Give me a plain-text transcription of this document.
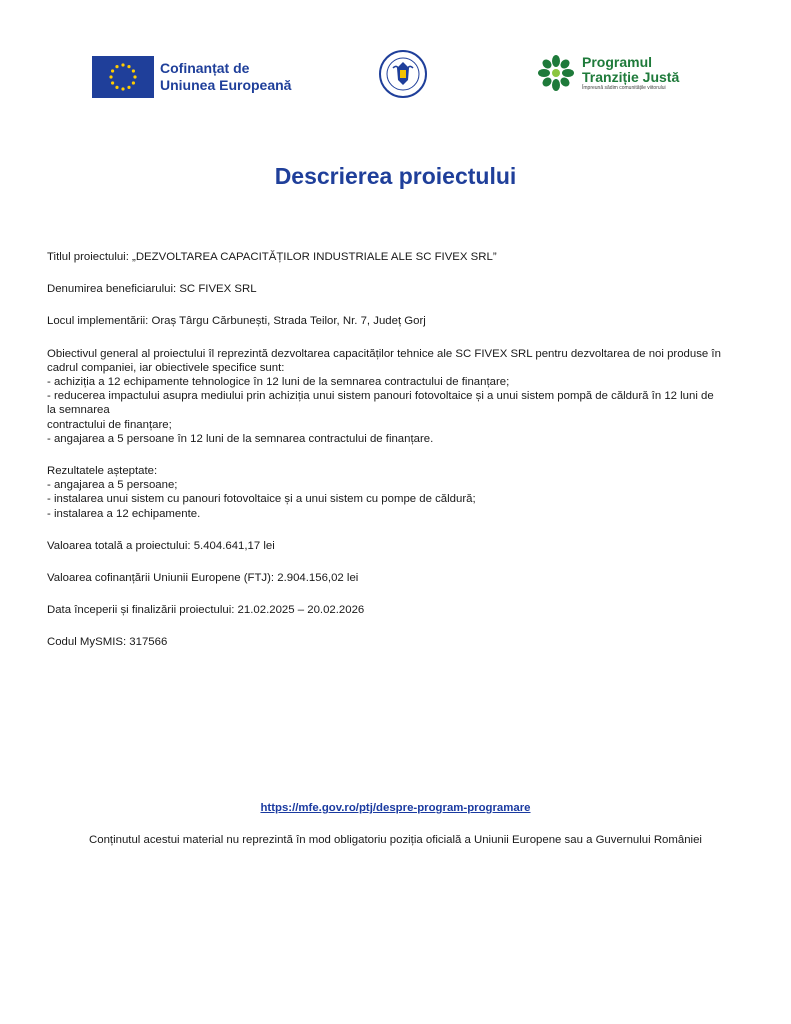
Cofinanțat de
Uniunea Europeană
Programul
Tranziție Justă
Împreună sădim comunitățile viitorului
Descrierea proiectului

Titlul proiectului: „DEZVOLTAREA CAPACITĂȚILOR INDUSTRIALE ALE SC FIVEX SRL”

Denumirea beneficiarului: SC FIVEX SRL

Locul implementării: Oraș Târgu Cărbunești, Strada Teilor, Nr. 7, Județ Gorj

Obiectivul general al proiectului îl reprezintă dezvoltarea capacităților tehnice ale SC FIVEX SRL pentru dezvoltarea de noi produse în
cadrul companiei, iar obiectivele specifice sunt:
- achiziția a 12 echipamente tehnologice în 12 luni de la semnarea contractului de finanțare;
- reducerea impactului asupra mediului prin achiziția unui sistem panouri fotovoltaice și a unui sistem pompă de căldură în 12 luni de
la semnarea
contractului de finanțare;
- angajarea a 5 persoane în 12 luni de la semnarea contractului de finanțare.
Rezultatele așteptate:
- angajarea a 5 persoane;
- instalarea unui sistem cu panouri fotovoltaice și a unui sistem cu pompe de căldură;
- instalarea a 12 echipamente.

Valoarea totală a proiectului: 5.404.641,17 lei

Valoarea cofinanțării Uniunii Europene (FTJ): 2.904.156,02 lei

Data începerii și finalizării proiectului: 21.02.2025 – 20.02.2026

Codul MySMIS: 317566

https://mfe.gov.ro/ptj/despre-program-programare
Conținutul acestui material nu reprezintă în mod obligatoriu poziția oficială a Uniunii Europene sau a Guvernului României
